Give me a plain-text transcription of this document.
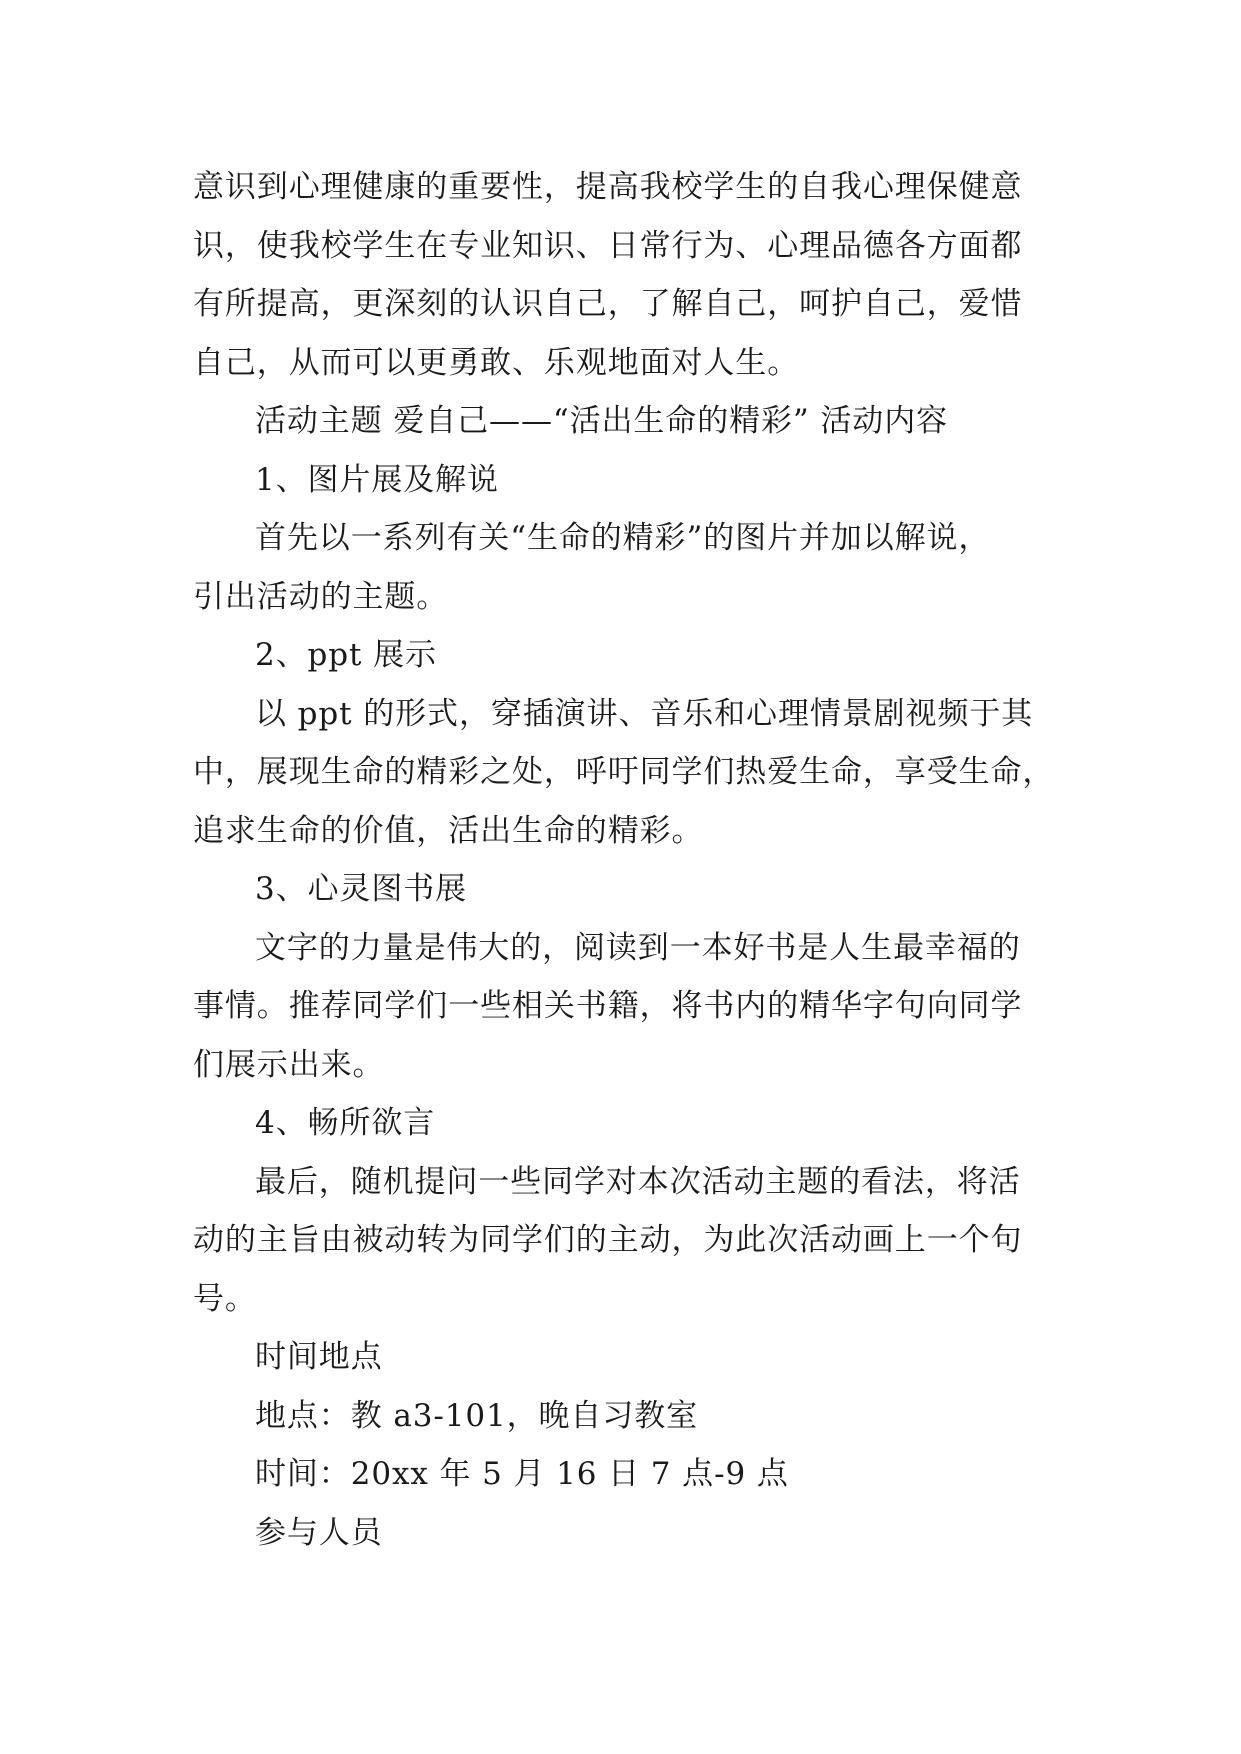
意识到心理健康的重要性，提高我校学生的自我心理保健意
识，使我校学生在专业知识、日常行为、心理品德各方面都
有所提高，更深刻的认识自己，了解自己，呵护自己，爱惜
自己，从而可以更勇敢、乐观地面对人生。
活动主题 爱自己——“活出生命的精彩” 活动内容
1、图片展及解说
首先以一系列有关“生命的精彩”的图片并加以解说，
引出活动的主题。
2、ppt 展示
以 ppt 的形式，穿插演讲、音乐和心理情景剧视频于其
中，展现生命的精彩之处，呼吁同学们热爱生命，享受生命，
追求生命的价值，活出生命的精彩。
3、心灵图书展
文字的力量是伟大的，阅读到一本好书是人生最幸福的
事情。推荐同学们一些相关书籍，将书内的精华字句向同学
们展示出来。
4、畅所欲言
最后，随机提问一些同学对本次活动主题的看法，将活
动的主旨由被动转为同学们的主动，为此次活动画上一个句
号。
时间地点
地点：教 a3-101，晚自习教室
时间：20xx 年 5 月 16 日 7 点-9 点
参与人员
